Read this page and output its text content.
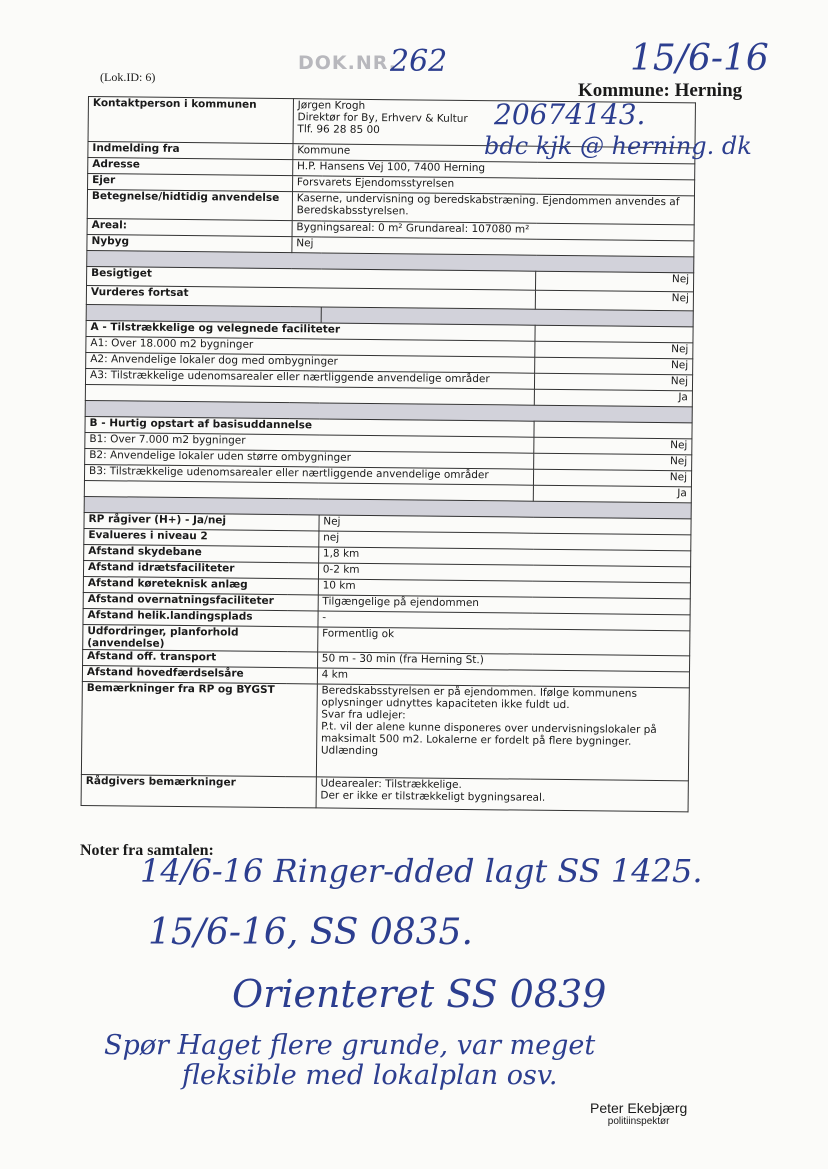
(Lok.ID: 6)
DOK.NR.
262	15/6-16
Kommune: Herning
Kontaktperson i kommunen	Jørgen Krogh
Direktør for By, Erhverv & Kultur
Tlf. 96 28 85 00		

Indmelding fra	Kommune		
Adresse	H.P. Hansens Vej 100, 7400 Herning		
Ejer	Forsvarets Ejendomsstyrelsen		
Betegnelse/hidtidig anvendelse	Kaserne, undervisning og beredskabstræning. Ejendommen anvendes af Beredskabsstyrelsen.		
Areal:	Bygningsareal: 0 m² Grundareal: 107080 m²		
Nybyg	Nej		

Besigtiget			Nej
Vurderes fortsat			Nej

A - Tilstrækkelige og velegnede faciliteter			
A1: Over 18.000 m2 bygninger			Nej
A2: Anvendelige lokaler dog med ombygninger			Nej
A3: Tilstrækkelige udenomsarealer eller nærtliggende anvendelige områder			Nej
			Ja

B - Hurtig opstart af basisuddannelse			
B1: Over 7.000 m2 bygninger			Nej
B2: Anvendelige lokaler uden større ombygninger			Nej
B3: Tilstrækkelige udenomsarealer eller nærtliggende anvendelige områder			Nej
			Ja

RP rågiver (H+) - Ja/nej		Nej	
Evalueres i niveau 2		nej	
Afstand skydebane		1,8 km	
Afstand idrætsfaciliteter		0-2 km	
Afstand køreteknisk anlæg		10 km	
Afstand overnatningsfaciliteter		Tilgængelige på ejendommen	
Afstand helik.landingsplads		-	
Udfordringer, planforhold (anvendelse)		Formentlig ok	
Afstand off. transport		50 m - 30 min (fra Herning St.)	
Afstand hovedfærdselsåre		4 km	
Bemærkninger fra RP og BYGST		Beredskabsstyrelsen er på ejendommen. Ifølge kommunens oplysninger udnyttes kapaciteten ikke fuldt ud.
Svar fra udlejer:
P.t. vil der alene kunne disponeres over undervisningslokaler på maksimalt 500 m2. Lokalerne er fordelt på flere bygninger.
Udlænding	

Rådgivers bemærkninger		Udearealer: Tilstrækkelige.
Der er ikke er tilstrækkeligt bygningsareal.	

20674143.
bdc kjk @ herning. dk
Noter fra samtalen:
14/6-16 Ringer-dded lagt SS 1425.
15/6-16, SS 0835.
Orienteret SS 0839
Spør Haget flere grunde, var meget
fleksible med lokalplan osv.
Peter Ekebjærg
politiinspektør
